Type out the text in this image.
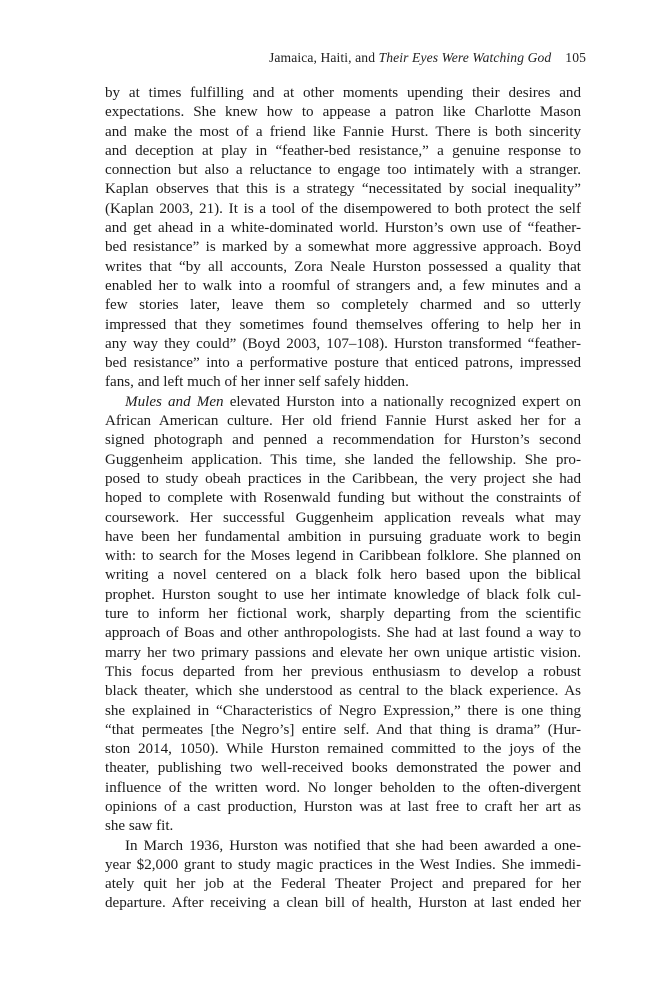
Jamaica, Haiti, and Their Eyes Were Watching God 105
by at times fulfilling and at other moments upending their desires and
expectations. She knew how to appease a patron like Charlotte Mason
and make the most of a friend like Fannie Hurst. There is both sincerity
and deception at play in “feather-bed resistance,” a genuine response to
connection but also a reluctance to engage too intimately with a stranger.
Kaplan observes that this is a strategy “necessitated by social inequality”
(Kaplan 2003, 21). It is a tool of the disempowered to both protect the self
and get ahead in a white-dominated world. Hurston’s own use of “feather-
bed resistance” is marked by a somewhat more aggressive approach. Boyd
writes that “by all accounts, Zora Neale Hurston possessed a quality that
enabled her to walk into a roomful of strangers and, a few minutes and a
few stories later, leave them so completely charmed and so utterly
impressed that they sometimes found themselves offering to help her in
any way they could” (Boyd 2003, 107–108). Hurston transformed “feather-
bed resistance” into a performative posture that enticed patrons, impressed
fans, and left much of her inner self safely hidden.
Mules and Men elevated Hurston into a nationally recognized expert on
African American culture. Her old friend Fannie Hurst asked her for a
signed photograph and penned a recommendation for Hurston’s second
Guggenheim application. This time, she landed the fellowship. She pro-
posed to study obeah practices in the Caribbean, the very project she had
hoped to complete with Rosenwald funding but without the constraints of
coursework. Her successful Guggenheim application reveals what may
have been her fundamental ambition in pursuing graduate work to begin
with: to search for the Moses legend in Caribbean folklore. She planned on
writing a novel centered on a black folk hero based upon the biblical
prophet. Hurston sought to use her intimate knowledge of black folk cul-
ture to inform her fictional work, sharply departing from the scientific
approach of Boas and other anthropologists. She had at last found a way to
marry her two primary passions and elevate her own unique artistic vision.
This focus departed from her previous enthusiasm to develop a robust
black theater, which she understood as central to the black experience. As
she explained in “Characteristics of Negro Expression,” there is one thing
“that permeates [the Negro’s] entire self. And that thing is drama” (Hur-
ston 2014, 1050). While Hurston remained committed to the joys of the
theater, publishing two well-received books demonstrated the power and
influence of the written word. No longer beholden to the often-divergent
opinions of a cast production, Hurston was at last free to craft her art as
she saw fit.
In March 1936, Hurston was notified that she had been awarded a one-
year $2,000 grant to study magic practices in the West Indies. She immedi-
ately quit her job at the Federal Theater Project and prepared for her
departure. After receiving a clean bill of health, Hurston at last ended her
